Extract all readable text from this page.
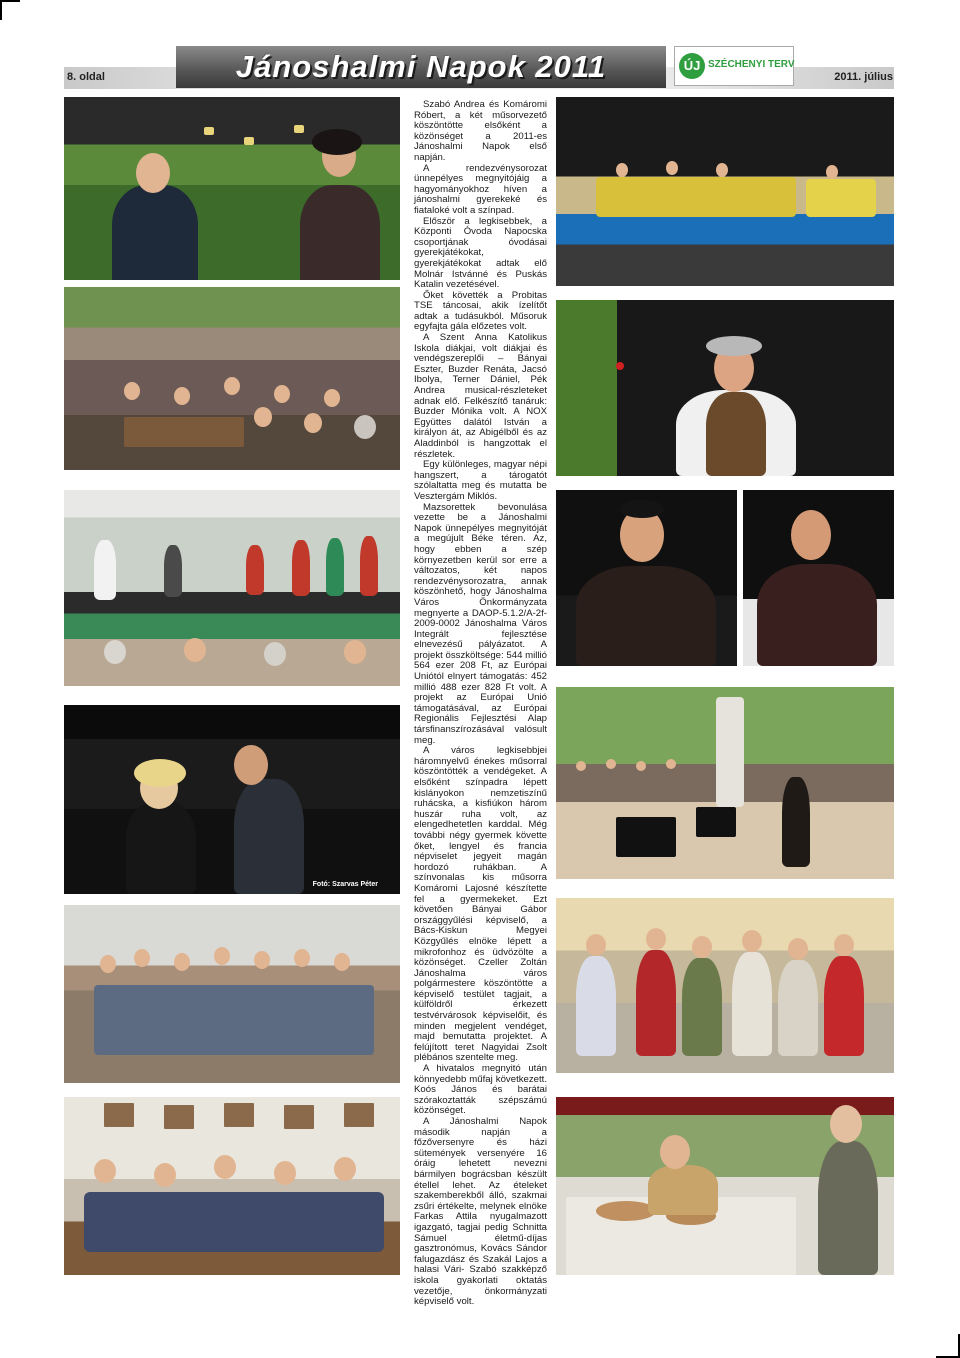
8. oldal	Jánoshalmi Napok 2011	ÚJ SZÉCHENYI TERV
2011. július
Fotó: Szarvas Péter

Szabó Andrea és Komáromi Róbert, a két műsorvezető köszöntötte elsőként a közönséget a 2011-es Jánoshalmi Napok első napján.

A rendezvénysorozat ünnepélyes megnyitójáig a hagyományokhoz híven a jánoshalmi gyerekeké és fiataloké volt a színpad.

Először a legkisebbek, a Központi Óvoda Napocska csoportjának óvodásai gyerekjátékokat, gyerekjátékokat adtak elő Molnár Istvánné és Puskás Katalin vezetésével.

Őket követték a Probitas TSE táncosai, akik ízelítőt adtak a tudásukból. Műsoruk egyfajta gála előzetes volt.

A Szent Anna Katolikus Iskola diákjai, volt diákjai és vendégszereplői – Bányai Eszter, Buzder Renáta, Jacsó Ibolya, Terner Dániel, Pék Andrea musical-részleteket adnak elő. Felkészítő tanáruk: Buzder Mónika volt. A NOX Együttes dalától István a királyon át, az Abigélből és az Aladdinból is hangzottak el részletek.

Egy különleges, magyar népi hangszert, a tárogatót szólaltatta meg és mutatta be Vesztergám Miklós.

Mazsorettek bevonulása vezette be a Jánoshalmi Napok ünnepélyes megnyitóját a megújult Béke téren. Az, hogy ebben a szép környezetben kerül sor erre a változatos, két napos rendezvénysorozatra, annak köszönhető, hogy Jánoshalma Város Önkormányzata megnyerte a DAOP-5.1.2/A-2f-2009-0002 Jánoshalma Város Integrált fejlesztése elnevezésű pályázatot. A projekt összköltsége: 544 millió 564 ezer 208 Ft, az Európai Uniótól elnyert támogatás: 452 millió 488 ezer 828 Ft volt. A projekt az Európai Unió támogatásával, az Európai Regionális Fejlesztési Alap társfinanszírozásával valósult meg.

A város legkisebbjei háromnyelvű énekes műsorral köszöntötték a vendégeket. A elsőként színpadra lépett kislányokon nemzetiszínű ruhácska, a kisfiúkon három huszár ruha volt, az elengedhetetlen karddal. Még további négy gyermek követte őket, lengyel és francia népviselet jegyeit magán hordozó ruhákban. A színvonalas kis műsorra Komáromi Lajosné készítette fel a gyermekeket. Ezt követően Bányai Gábor országgyűlési képviselő, a Bács-Kiskun Megyei Közgyűlés elnöke lépett a mikrofonhoz és üdvözölte a közönséget. Czeller Zoltán Jánoshalma város polgármestere köszöntötte a képviselő testület tagjait, a külföldről érkezett testvérvárosok képviselőit, és minden megjelent vendéget, majd bemutatta projektet. A felújított teret Nagyidai Zsolt plébános szentelte meg.

A hivatalos megnyitó után könnyedebb műfaj következett. Koós János és barátai szórakoztatták szépszámú közönséget.

A Jánoshalmi Napok második napján a főzőversenyre és házi sütemények versenyére 16 óráig lehetett nevezni bármilyen bográcsban készült étellel lehet. Az ételeket szakemberekből álló, szakmai zsűri értékelte, melynek elnöke Farkas Attila nyugalmazott igazgató, tagjai pedig Schnitta Sámuel életmű-díjas gasztronómus, Kovács Sándor falugazdász és Szakál Lajos a halasi Vári- Szabó szakképző iskola gyakorlati oktatás vezetője, önkormányzati képviselő volt.
